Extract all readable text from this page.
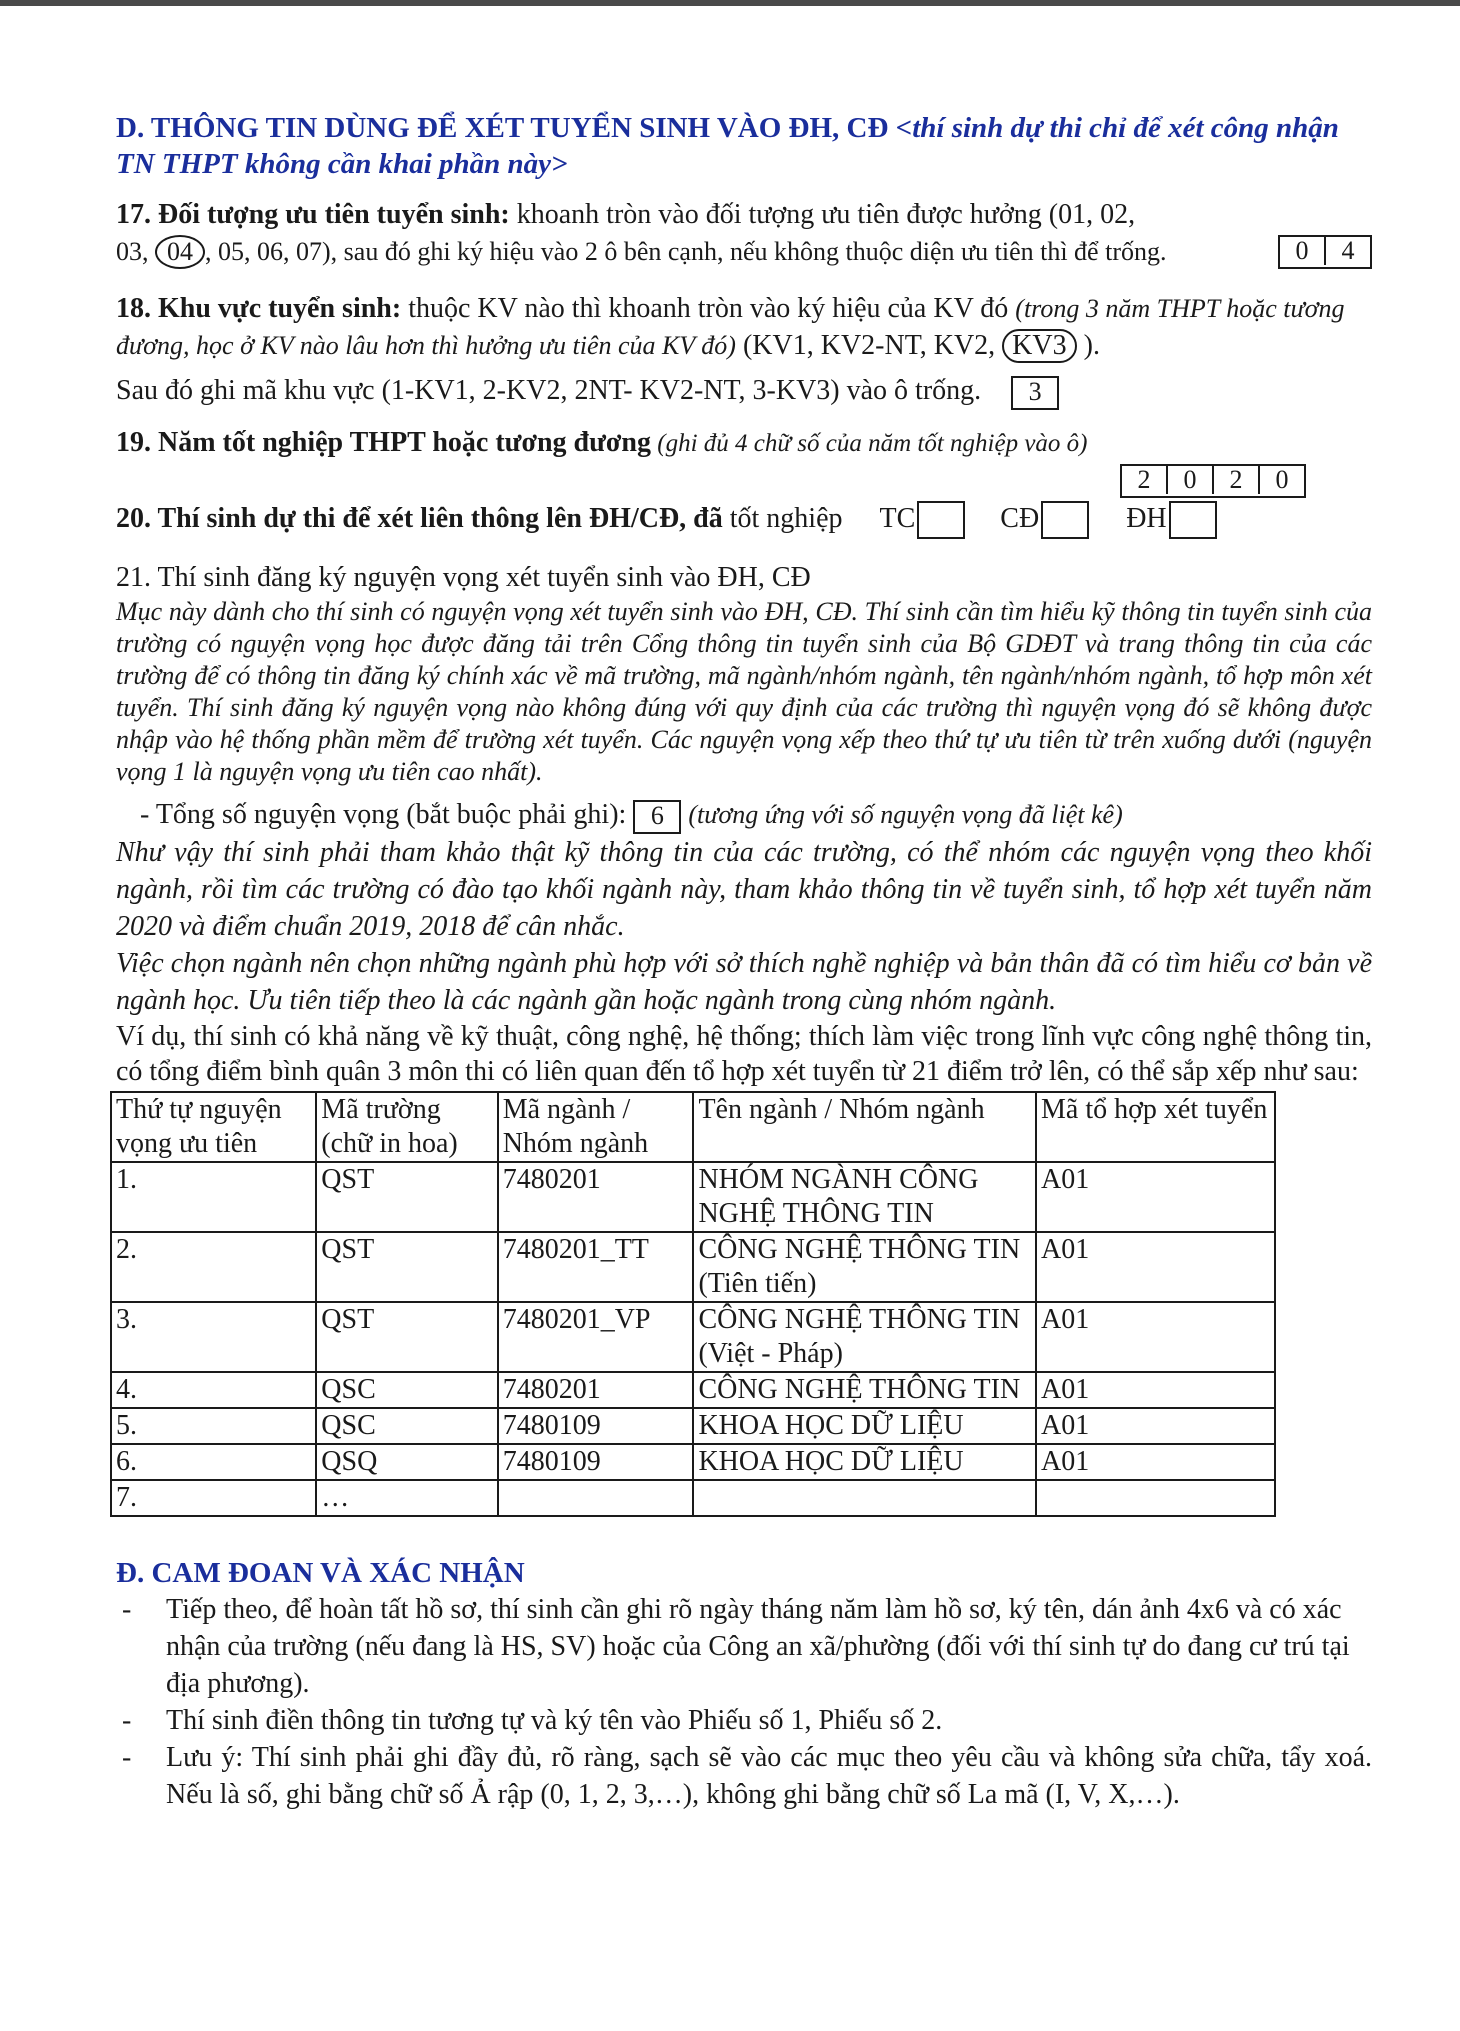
D. THÔNG TIN DÙNG ĐỂ XÉT TUYỂN SINH VÀO ĐH, CĐ <thí sinh dự thi chỉ để xét công nhận TN THPT không cần khai phần này>

17. Đối tượng ưu tiên tuyển sinh: khoanh tròn vào đối tượng ưu tiên được hưởng (01, 02,

03, 04 , 05, 06, 07), sau đó ghi ký hiệu vào 2 ô bên cạnh, nếu không thuộc diện ưu tiên thì để trống.	0 4

18. Khu vực tuyển sinh: thuộc KV nào thì khoanh tròn vào ký hiệu của KV đó (trong 3 năm THPT hoặc tương đương, học ở KV nào lâu hơn thì hưởng ưu tiên của KV đó) (KV1, KV2-NT, KV2, KV3 ).

Sau đó ghi mã khu vực (1-KV1, 2-KV2, 2NT- KV2-NT, 3-KV3) vào ô trống. 3

19. Năm tốt nghiệp THPT hoặc tương đương (ghi đủ 4 chữ số của năm tốt nghiệp vào ô)

2 0 2 0

20. Thí sinh dự thi để xét liên thông lên ĐH/CĐ, đã tốt nghiệp TC	CĐ	ĐH

21. Thí sinh đăng ký nguyện vọng xét tuyển sinh vào ĐH, CĐ

Mục này dành cho thí sinh có nguyện vọng xét tuyển sinh vào ĐH, CĐ. Thí sinh cần tìm hiểu kỹ thông tin tuyển sinh của trường có nguyện vọng học được đăng tải trên Cổng thông tin tuyển sinh của Bộ GDĐT và trang thông tin của các trường để có thông tin đăng ký chính xác về mã trường, mã ngành/nhóm ngành, tên ngành/nhóm ngành, tổ hợp môn xét tuyển. Thí sinh đăng ký nguyện vọng nào không đúng với quy định của các trường thì nguyện vọng đó sẽ không được nhập vào hệ thống phần mềm để trường xét tuyển. Các nguyện vọng xếp theo thứ tự ưu tiên từ trên xuống dưới (nguyện vọng 1 là nguyện vọng ưu tiên cao nhất).

- Tổng số nguyện vọng (bắt buộc phải ghi): 6 (tương ứng với số nguyện vọng đã liệt kê)

Như vậy thí sinh phải tham khảo thật kỹ thông tin của các trường, có thể nhóm các nguyện vọng theo khối ngành, rồi tìm các trường có đào tạo khối ngành này, tham khảo thông tin về tuyển sinh, tổ hợp xét tuyển năm 2020 và điểm chuẩn 2019, 2018 để cân nhắc.

Việc chọn ngành nên chọn những ngành phù hợp với sở thích nghề nghiệp và bản thân đã có tìm hiểu cơ bản về ngành học. Ưu tiên tiếp theo là các ngành gần hoặc ngành trong cùng nhóm ngành.

Ví dụ, thí sinh có khả năng về kỹ thuật, công nghệ, hệ thống; thích làm việc trong lĩnh vực công nghệ thông tin, có tổng điểm bình quân 3 môn thi có liên quan đến tổ hợp xét tuyển từ 21 điểm trở lên, có thể sắp xếp như sau:

Thứ tự nguyện vọng ưu tiên	Mã trường (chữ in hoa)	Mã ngành / Nhóm ngành	Tên ngành / Nhóm ngành	Mã tổ hợp xét tuyển
1.	QST	7480201	NHÓM NGÀNH CÔNG NGHỆ THÔNG TIN	A01
2.	QST	7480201_TT	CÔNG NGHỆ THÔNG TIN (Tiên tiến)	A01
3.	QST	7480201_VP	CÔNG NGHỆ THÔNG TIN (Việt - Pháp)	A01
4.	QSC	7480201	CÔNG NGHỆ THÔNG TIN	A01
5.	QSC	7480109	KHOA HỌC DỮ LIỆU	A01
6.	QSQ	7480109	KHOA HỌC DỮ LIỆU	A01
7.	…			

Đ. CAM ĐOAN VÀ XÁC NHẬN

-	Tiếp theo, để hoàn tất hồ sơ, thí sinh cần ghi rõ ngày tháng năm làm hồ sơ, ký tên, dán ảnh 4x6 và có xác nhận của trường (nếu đang là HS, SV) hoặc của Công an xã/phường (đối với thí sinh tự do đang cư trú tại địa phương).
-	Thí sinh điền thông tin tương tự và ký tên vào Phiếu số 1, Phiếu số 2.
-	Lưu ý: Thí sinh phải ghi đầy đủ, rõ ràng, sạch sẽ vào các mục theo yêu cầu và không sửa chữa, tẩy xoá. Nếu là số, ghi bằng chữ số Ả rập (0, 1, 2, 3,…), không ghi bằng chữ số La mã (I, V, X,…).
